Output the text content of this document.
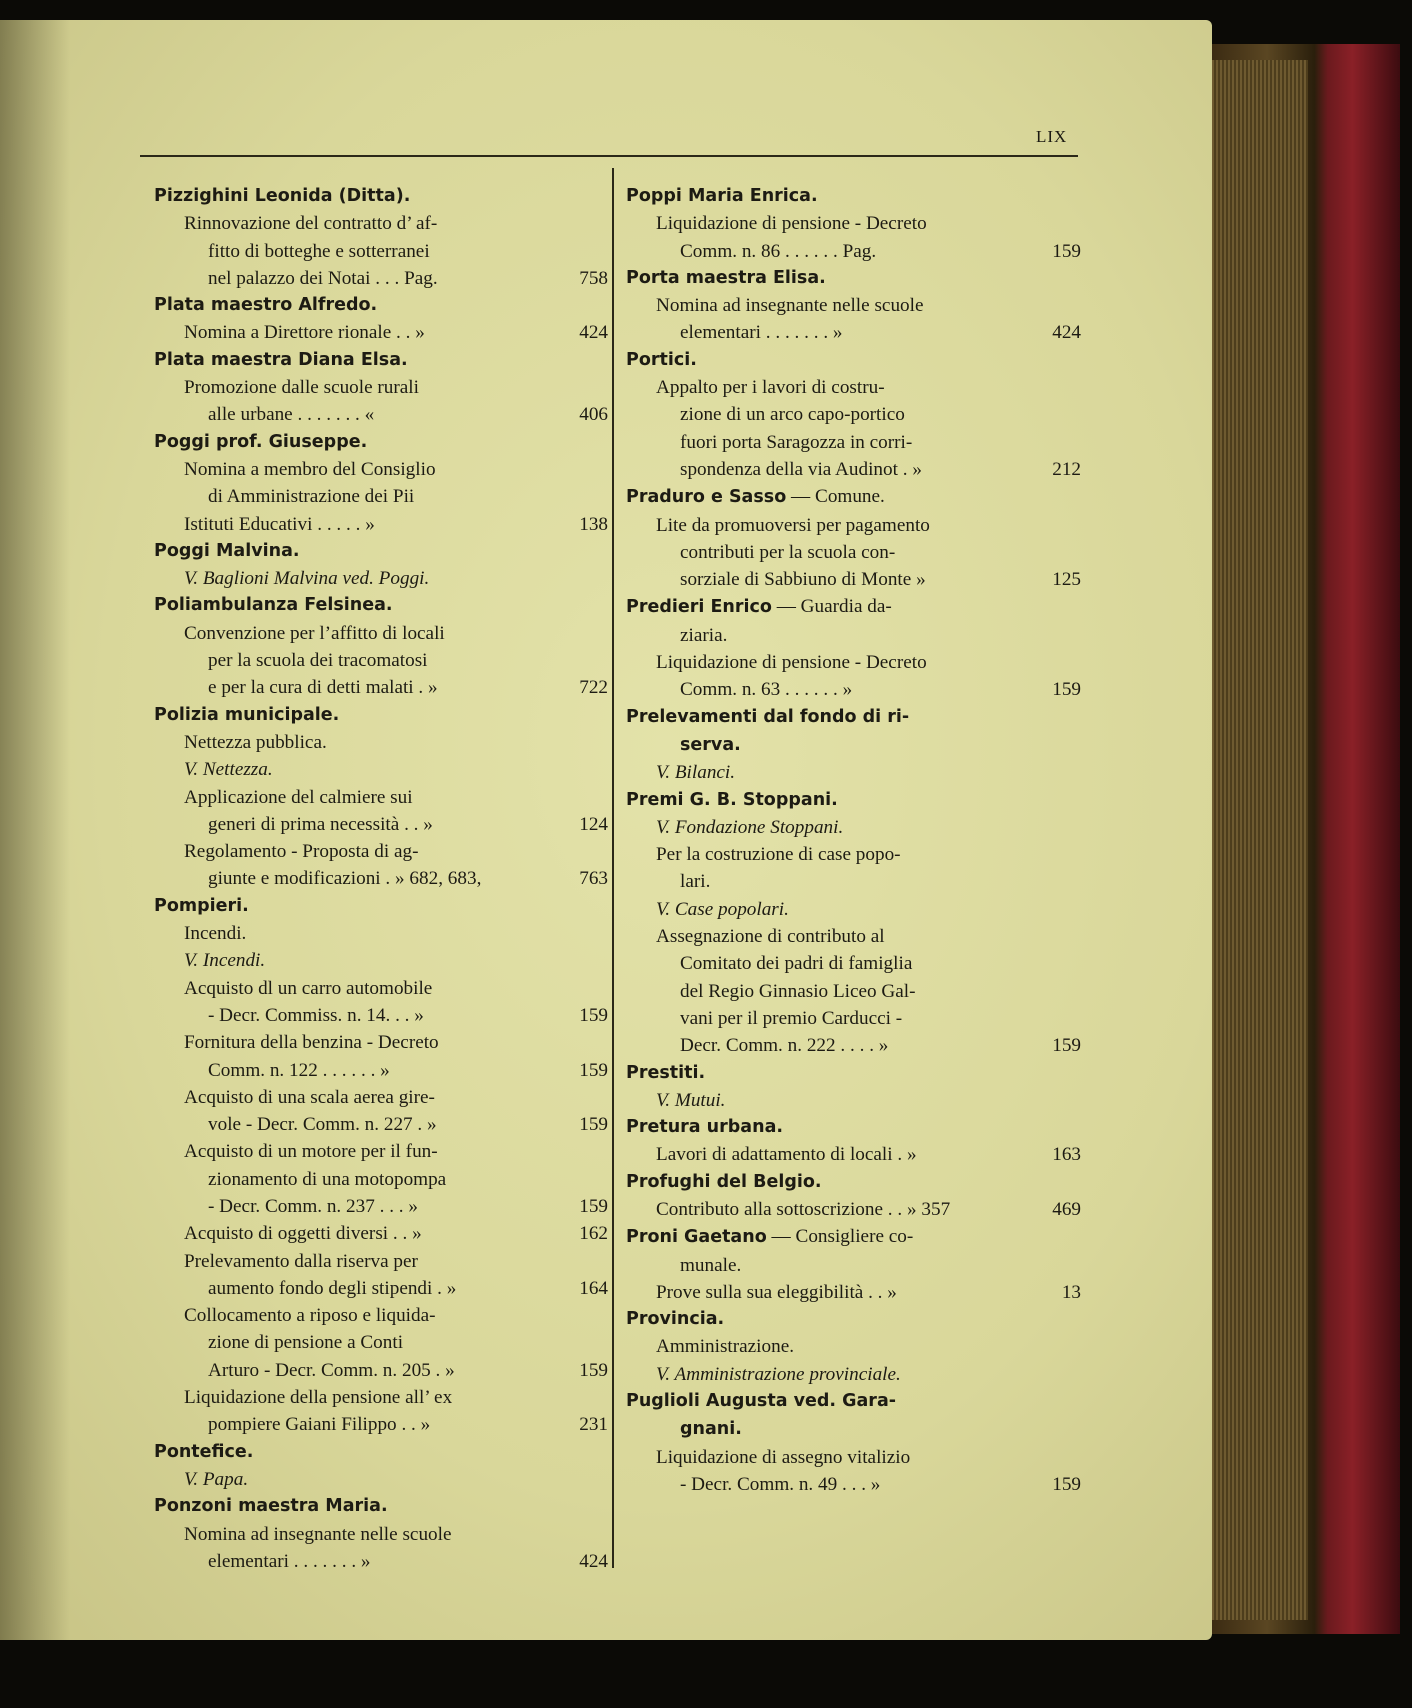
LIX
Pizzighini Leonida (Ditta).
Rinnovazione del contratto d’ af-
fitto di botteghe e sotterranei
nel palazzo dei Notai . . . Pag.	758
Plata maestro Alfredo.
Nomina a Direttore rionale . . »	424
Plata maestra Diana Elsa.
Promozione dalle scuole rurali
alle urbane . . . . . . . «	406
Poggi prof. Giuseppe.
Nomina a membro del Consiglio
di Amministrazione dei Pii
Istituti Educativi . . . . . »	138
Poggi Malvina.
V. Baglioni Malvina ved. Poggi.
Poliambulanza Felsinea.
Convenzione per l’affitto di locali
per la scuola dei tracomatosi
e per la cura di detti malati . »	722
Polizia municipale.
Nettezza pubblica.
V. Nettezza.
Applicazione del calmiere sui
generi di prima necessità . . »	124
Regolamento - Proposta di ag-
giunte e modificazioni . » 682, 683,	763
Pompieri.
Incendi.
V. Incendi.
Acquisto dl un carro automobile
- Decr. Commiss. n. 14. . . »	159
Fornitura della benzina - Decreto
Comm. n. 122 . . . . . . »	159
Acquisto di una scala aerea gire-
vole - Decr. Comm. n. 227 . »	159
Acquisto di un motore per il fun-
zionamento di una motopompa
- Decr. Comm. n. 237 . . . »	159
Acquisto di oggetti diversi . . »	162
Prelevamento dalla riserva per
aumento fondo degli stipendi . »	164
Collocamento a riposo e liquida-
zione di pensione a Conti
Arturo - Decr. Comm. n. 205 . »	159
Liquidazione della pensione all’ ex
pompiere Gaiani Filippo . . »	231
Pontefice.
V. Papa.
Ponzoni maestra Maria.
Nomina ad insegnante nelle scuole
elementari . . . . . . . »	424
Poppi Maria Enrica.
Liquidazione di pensione - Decreto
Comm. n. 86 . . . . . . Pag.	159
Porta maestra Elisa.
Nomina ad insegnante nelle scuole
elementari . . . . . . . »	424
Portici.
Appalto per i lavori di costru-
zione di un arco capo-portico
fuori porta Saragozza in corri-
spondenza della via Audinot . »	212
Praduro e Sasso — Comune.
Lite da promuoversi per pagamento
contributi per la scuola con-
sorziale di Sabbiuno di Monte »	125
Predieri Enrico — Guardia da-
ziaria.
Liquidazione di pensione - Decreto
Comm. n. 63 . . . . . . »	159
Prelevamenti dal fondo di ri-
serva.
V. Bilanci.
Premi G. B. Stoppani.
V. Fondazione Stoppani.
Per la costruzione di case popo-
lari.
V. Case popolari.
Assegnazione di contributo al
Comitato dei padri di famiglia
del Regio Ginnasio Liceo Gal-
vani per il premio Carducci -
Decr. Comm. n. 222 . . . . »	159
Prestiti.
V. Mutui.
Pretura urbana.
Lavori di adattamento di locali . »	163
Profughi del Belgio.
Contributo alla sottoscrizione . . » 357	469
Proni Gaetano — Consigliere co-
munale.
Prove sulla sua eleggibilità . . »	13
Provincia.
Amministrazione.
V. Amministrazione provinciale.
Puglioli Augusta ved. Gara-
gnani.
Liquidazione di assegno vitalizio
- Decr. Comm. n. 49 . . . »	159
